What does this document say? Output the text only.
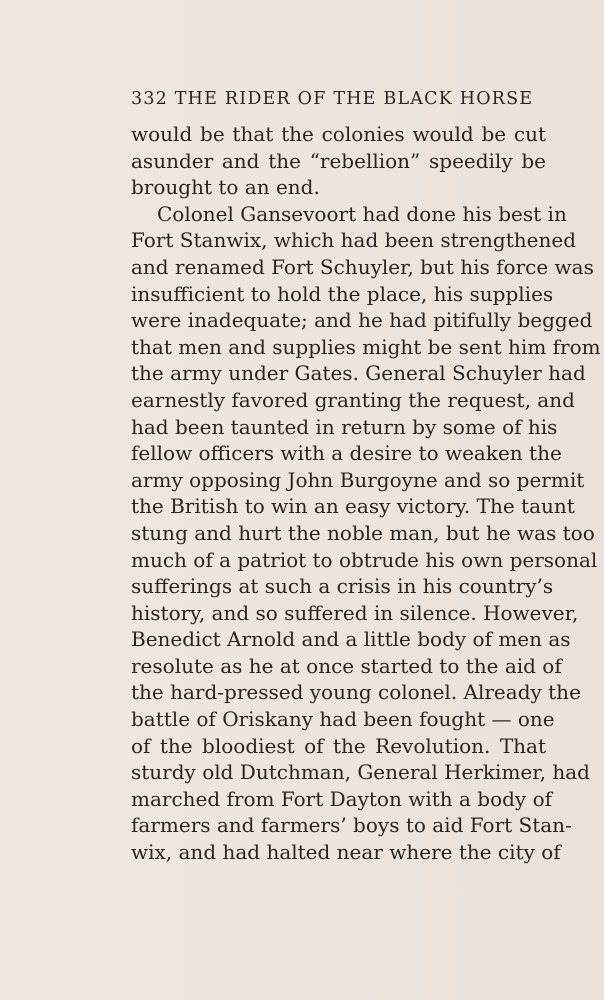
332 THE RIDER OF THE BLACK HORSE
would be that the colonies would be cut
asunder and the “rebellion” speedily be
brought to an end.
Colonel Gansevoort had done his best in
Fort Stanwix, which had been strengthened
and renamed Fort Schuyler, but his force was
insufficient to hold the place, his supplies
were inadequate; and he had pitifully begged
that men and supplies might be sent him from
the army under Gates. General Schuyler had
earnestly favored granting the request, and
had been taunted in return by some of his
fellow officers with a desire to weaken the
army opposing John Burgoyne and so permit
the British to win an easy victory. The taunt
stung and hurt the noble man, but he was too
much of a patriot to obtrude his own personal
sufferings at such a crisis in his country’s
history, and so suffered in silence. However,
Benedict Arnold and a little body of men as
resolute as he at once started to the aid of
the hard-pressed young colonel. Already the
battle of Oriskany had been fought — one
of the bloodiest of the Revolution. That
sturdy old Dutchman, General Herkimer, had
marched from Fort Dayton with a body of
farmers and farmers’ boys to aid Fort Stan-
wix, and had halted near where the city of
